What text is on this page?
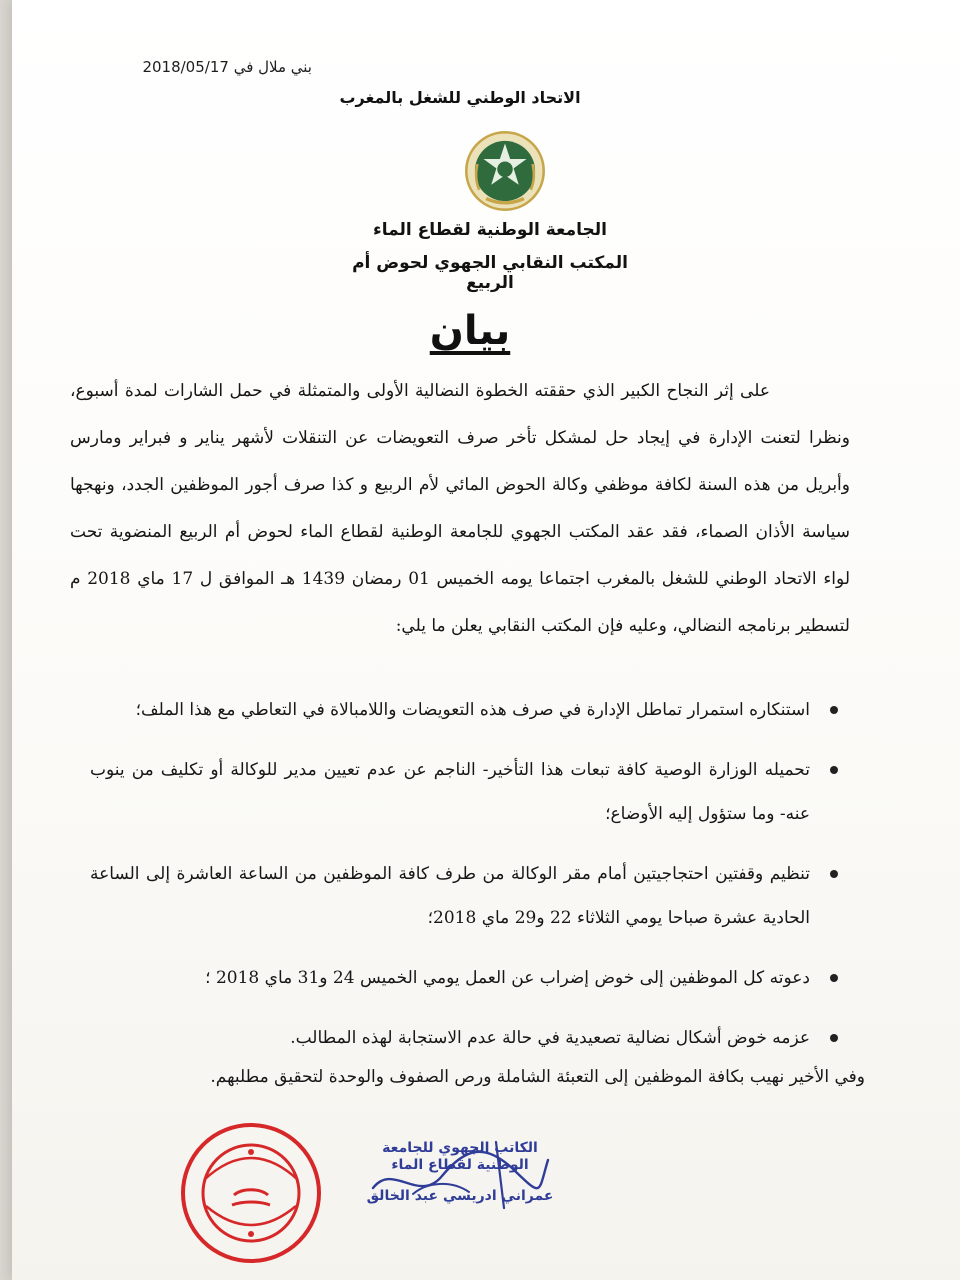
بني ملال في 2018/05/17
الاتحاد الوطني للشغل بالمغرب
الجامعة الوطنية لقطاع الماء
المكتب النقابي الجهوي لحوض أم الربيع
بيان

على إثر النجاح الكبير الذي حققته الخطوة النضالية الأولى والمتمثلة في حمل الشارات لمدة أسبوع، ونظرا لتعنت الإدارة في إيجاد حل لمشكل تأخر صرف التعويضات عن التنقلات لأشهر يناير و فبراير ومارس وأبريل من هذه السنة لكافة موظفي وكالة الحوض المائي لأم الربيع و كذا صرف أجور الموظفين الجدد، ونهجها سياسة الأذان الصماء، فقد عقد المكتب الجهوي للجامعة الوطنية لقطاع الماء لحوض أم الربيع المنضوية تحت لواء الاتحاد الوطني للشغل بالمغرب اجتماعا يومه الخميس 01 رمضان 1439 هـ الموافق ل 17 ماي 2018 م لتسطير برنامجه النضالي، وعليه فإن المكتب النقابي يعلن ما يلي:

استنكاره استمرار تماطل الإدارة في صرف هذه التعويضات واللامبالاة في التعاطي مع هذا الملف؛
تحميله الوزارة الوصية كافة تبعات هذا التأخير- الناجم عن عدم تعيين مدير للوكالة أو تكليف من ينوب عنه- وما ستؤول إليه الأوضاع؛
تنظيم وقفتين احتجاجيتين أمام مقر الوكالة من طرف كافة الموظفين من الساعة العاشرة إلى الساعة الحادية عشرة صباحا يومي الثلاثاء 22 و29 ماي 2018؛
دعوته كل الموظفين إلى خوض إضراب عن العمل يومي الخميس 24 و31 ماي 2018 ؛
عزمه خوض أشكال نضالية تصعيدية في حالة عدم الاستجابة لهذه المطالب.
وفي الأخير نهيب بكافة الموظفين إلى التعبئة الشاملة ورص الصفوف والوحدة لتحقيق مطلبهم.
الكاتب الجهوي للجامعة الوطنية لقطاع الماء
عمراني ادريسي عبد الخالق
